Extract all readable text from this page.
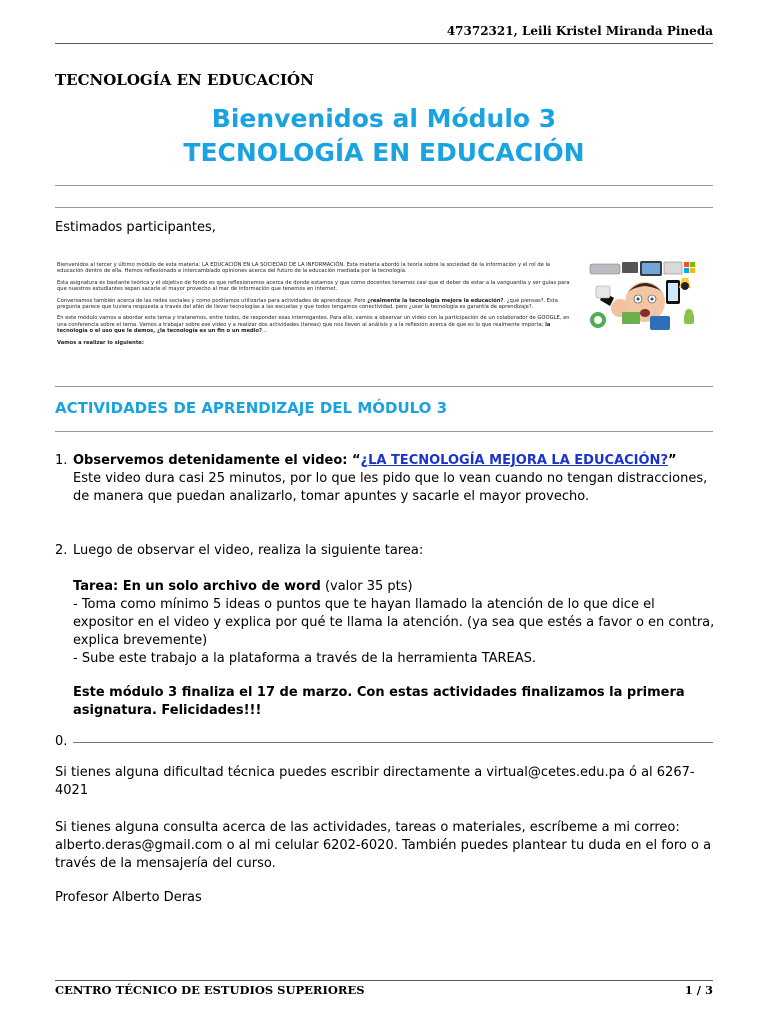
47372321, Leili Kristel Miranda Pineda
TECNOLOGÍA EN EDUCACIÓN
Bienvenidos al Módulo 3
TECNOLOGÍA EN EDUCACIÓN
Estimados participantes,

Bienvenidos al tercer y último módulo de esta materia: LA EDUCACIÓN EN LA SOCIEDAD DE LA INFORMACIÓN. Esta materia abordó la teoría sobre la sociedad de la información y el rol de la educación dentro de ella. Hemos reflexionado e intercambiado opiniones acerca del futuro de la educación mediada por la tecnología.

Esta asignatura es bastante teórica y el objetivo de fondo es que reflexionemos acerca de donde estamos y que como docentes tenemos casi que el deber de estar a la vanguardia y ser guías para que nuestros estudiantes sepan sacarle el mayor provecho al mar de información que tenemos en internet.

Conversamos también acerca de las redes sociales y como podríamos utilizarlas para actividades de aprendizaje. Pero ¿realmente la tecnología mejora la educación?. ¿qué piensas?. Esta pregunta parece que tuviera respuesta a través del afán de llevar tecnologías a las escuelas y que todos tengamos conectividad, pero ¿usar la tecnología es garantía de aprendizaje?.

En este módulo vamos a abordar este tema y trataremos, entre todos, de responder esas interrogantes. Para ello, vamos a observar un video con la participación de un colaborador de GOOGLE, en una conferencia sobre el tema. Vamos a trabajar sobre ese video y a realizar dos actividades (tareas) que nos lleven al análisis y a la reflexión acerca de que es lo que realmente importa; la tecnología o el uso que le demos, ¿la tecnología es un fin o un medio?...

Vamos a realizar lo siguiente:

ACTIVIDADES DE APRENDIZAJE DEL MÓDULO 3
1. Observemos detenidamente el video: “¿LA TECNOLOGÍA MEJORA LA EDUCACIÓN?”
Este video dura casi 25 minutos, por lo que les pido que lo vean cuando no tengan distracciones, de manera que puedan analizarlo, tomar apuntes y sacarle el mayor provecho.
2. Luego de observar el video, realiza la siguiente tarea:
Tarea: En un solo archivo de word (valor 35 pts)
- Toma como mínimo 5 ideas o puntos que te hayan llamado la atención de lo que dice el expositor en el video y explica por qué te llama la atención. (ya sea que estés a favor o en contra, explica brevemente)
- Sube este trabajo a la plataforma a través de la herramienta TAREAS.
Este módulo 3 finaliza el 17 de marzo. Con estas actividades finalizamos la primera asignatura. Felicidades!!!
0.
Si tienes alguna dificultad técnica puedes escribir directamente a virtual@cetes.edu.pa ó al 6267-4021
Si tienes alguna consulta acerca de las actividades, tareas o materiales, escríbeme a mi correo: alberto.deras@gmail.com o al mi celular 6202-6020. También puedes plantear tu duda en el foro o a través de la mensajería del curso.
Profesor Alberto Deras
CENTRO TÉCNICO DE ESTUDIOS SUPERIORES	1 / 3
